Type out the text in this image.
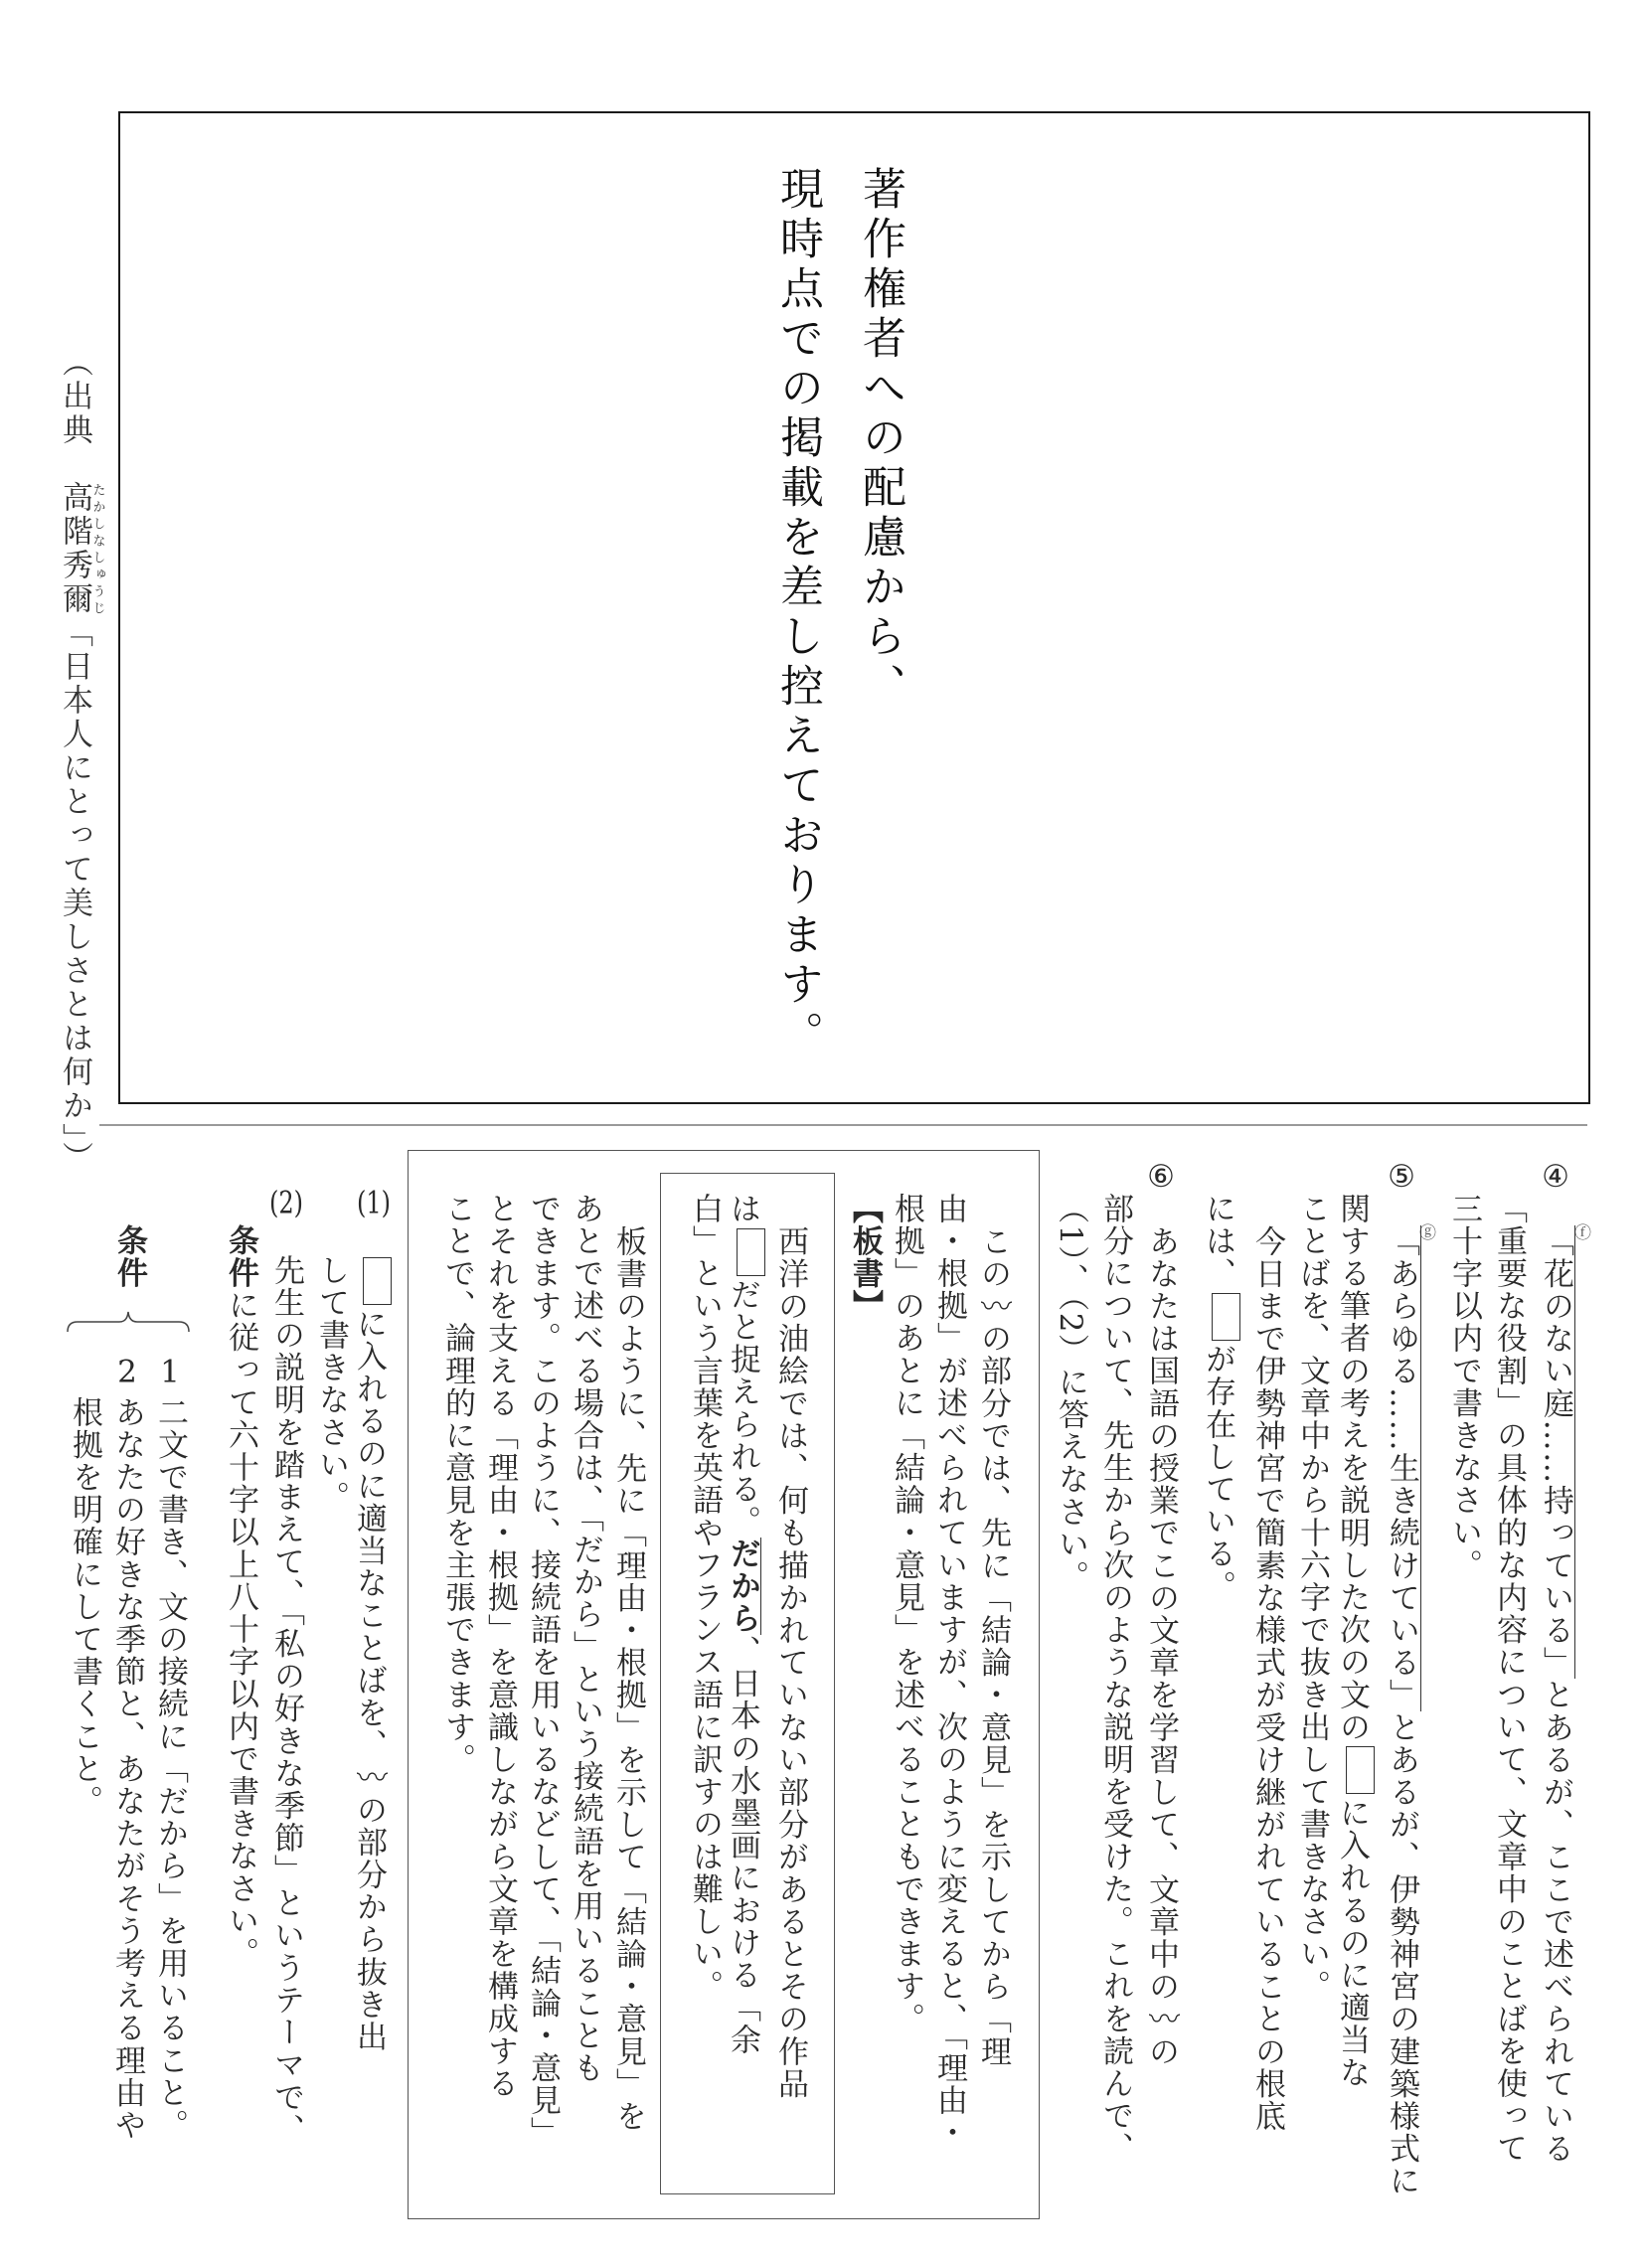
著作権者への配慮から、
現時点での掲載を差し控えております。
（出典　高階秀爾たかしなしゅうじ「日本人にとって美しさとは何か」）
ⓕ
ⓖ
④
「花のない庭……持っている」とあるが、ここで述べられている
「重要な役割」の具体的な内容について、文章中のことばを使って
三十字以内で書きなさい。
⑤
「あらゆる……生き続けている」とあるが、伊勢神宮の建築様式に
関する筆者の考えを説明した次の文のに入れるのに適当な
ことばを、文章中から十六字で抜き出して書きなさい。
今日まで伊勢神宮で簡素な様式が受け継がれていることの根底
には、が存在している。
⑥
あなたは国語の授業でこの文章を学習して、文章中の〰の
部分について、先生から次のような説明を受けた。これを読んで、
（1）、（2）に答えなさい。
この〰の部分では、先に「結論・意見」を示してから「理
由・根拠」が述べられていますが、次のように変えると、「理由・
根拠」のあとに「結論・意見」を述べることもできます。
【板書】
西洋の油絵では、何も描かれていない部分があるとその作品
はだと捉えられる。だから、日本の水墨画における「余
白」という言葉を英語やフランス語に訳すのは難しい。
板書のように、先に「理由・根拠」を示して「結論・意見」を
あとで述べる場合は、「だから」という接続語を用いることも
できます。このように、接続語を用いるなどして、「結論・意見」
とそれを支える「理由・根拠」を意識しながら文章を構成する
ことで、論理的に意見を主張できます。
(1)
に入れるのに適当なことばを、〰の部分から抜き出
して書きなさい。
(2)
先生の説明を踏まえて、「私の好きな季節」というテーマで、
条件に従って六十字以上八十字以内で書きなさい。
条件
1
二文で書き、文の接続に「だから」を用いること。
2
あなたの好きな季節と、あなたがそう考える理由や
根拠を明確にして書くこと。
